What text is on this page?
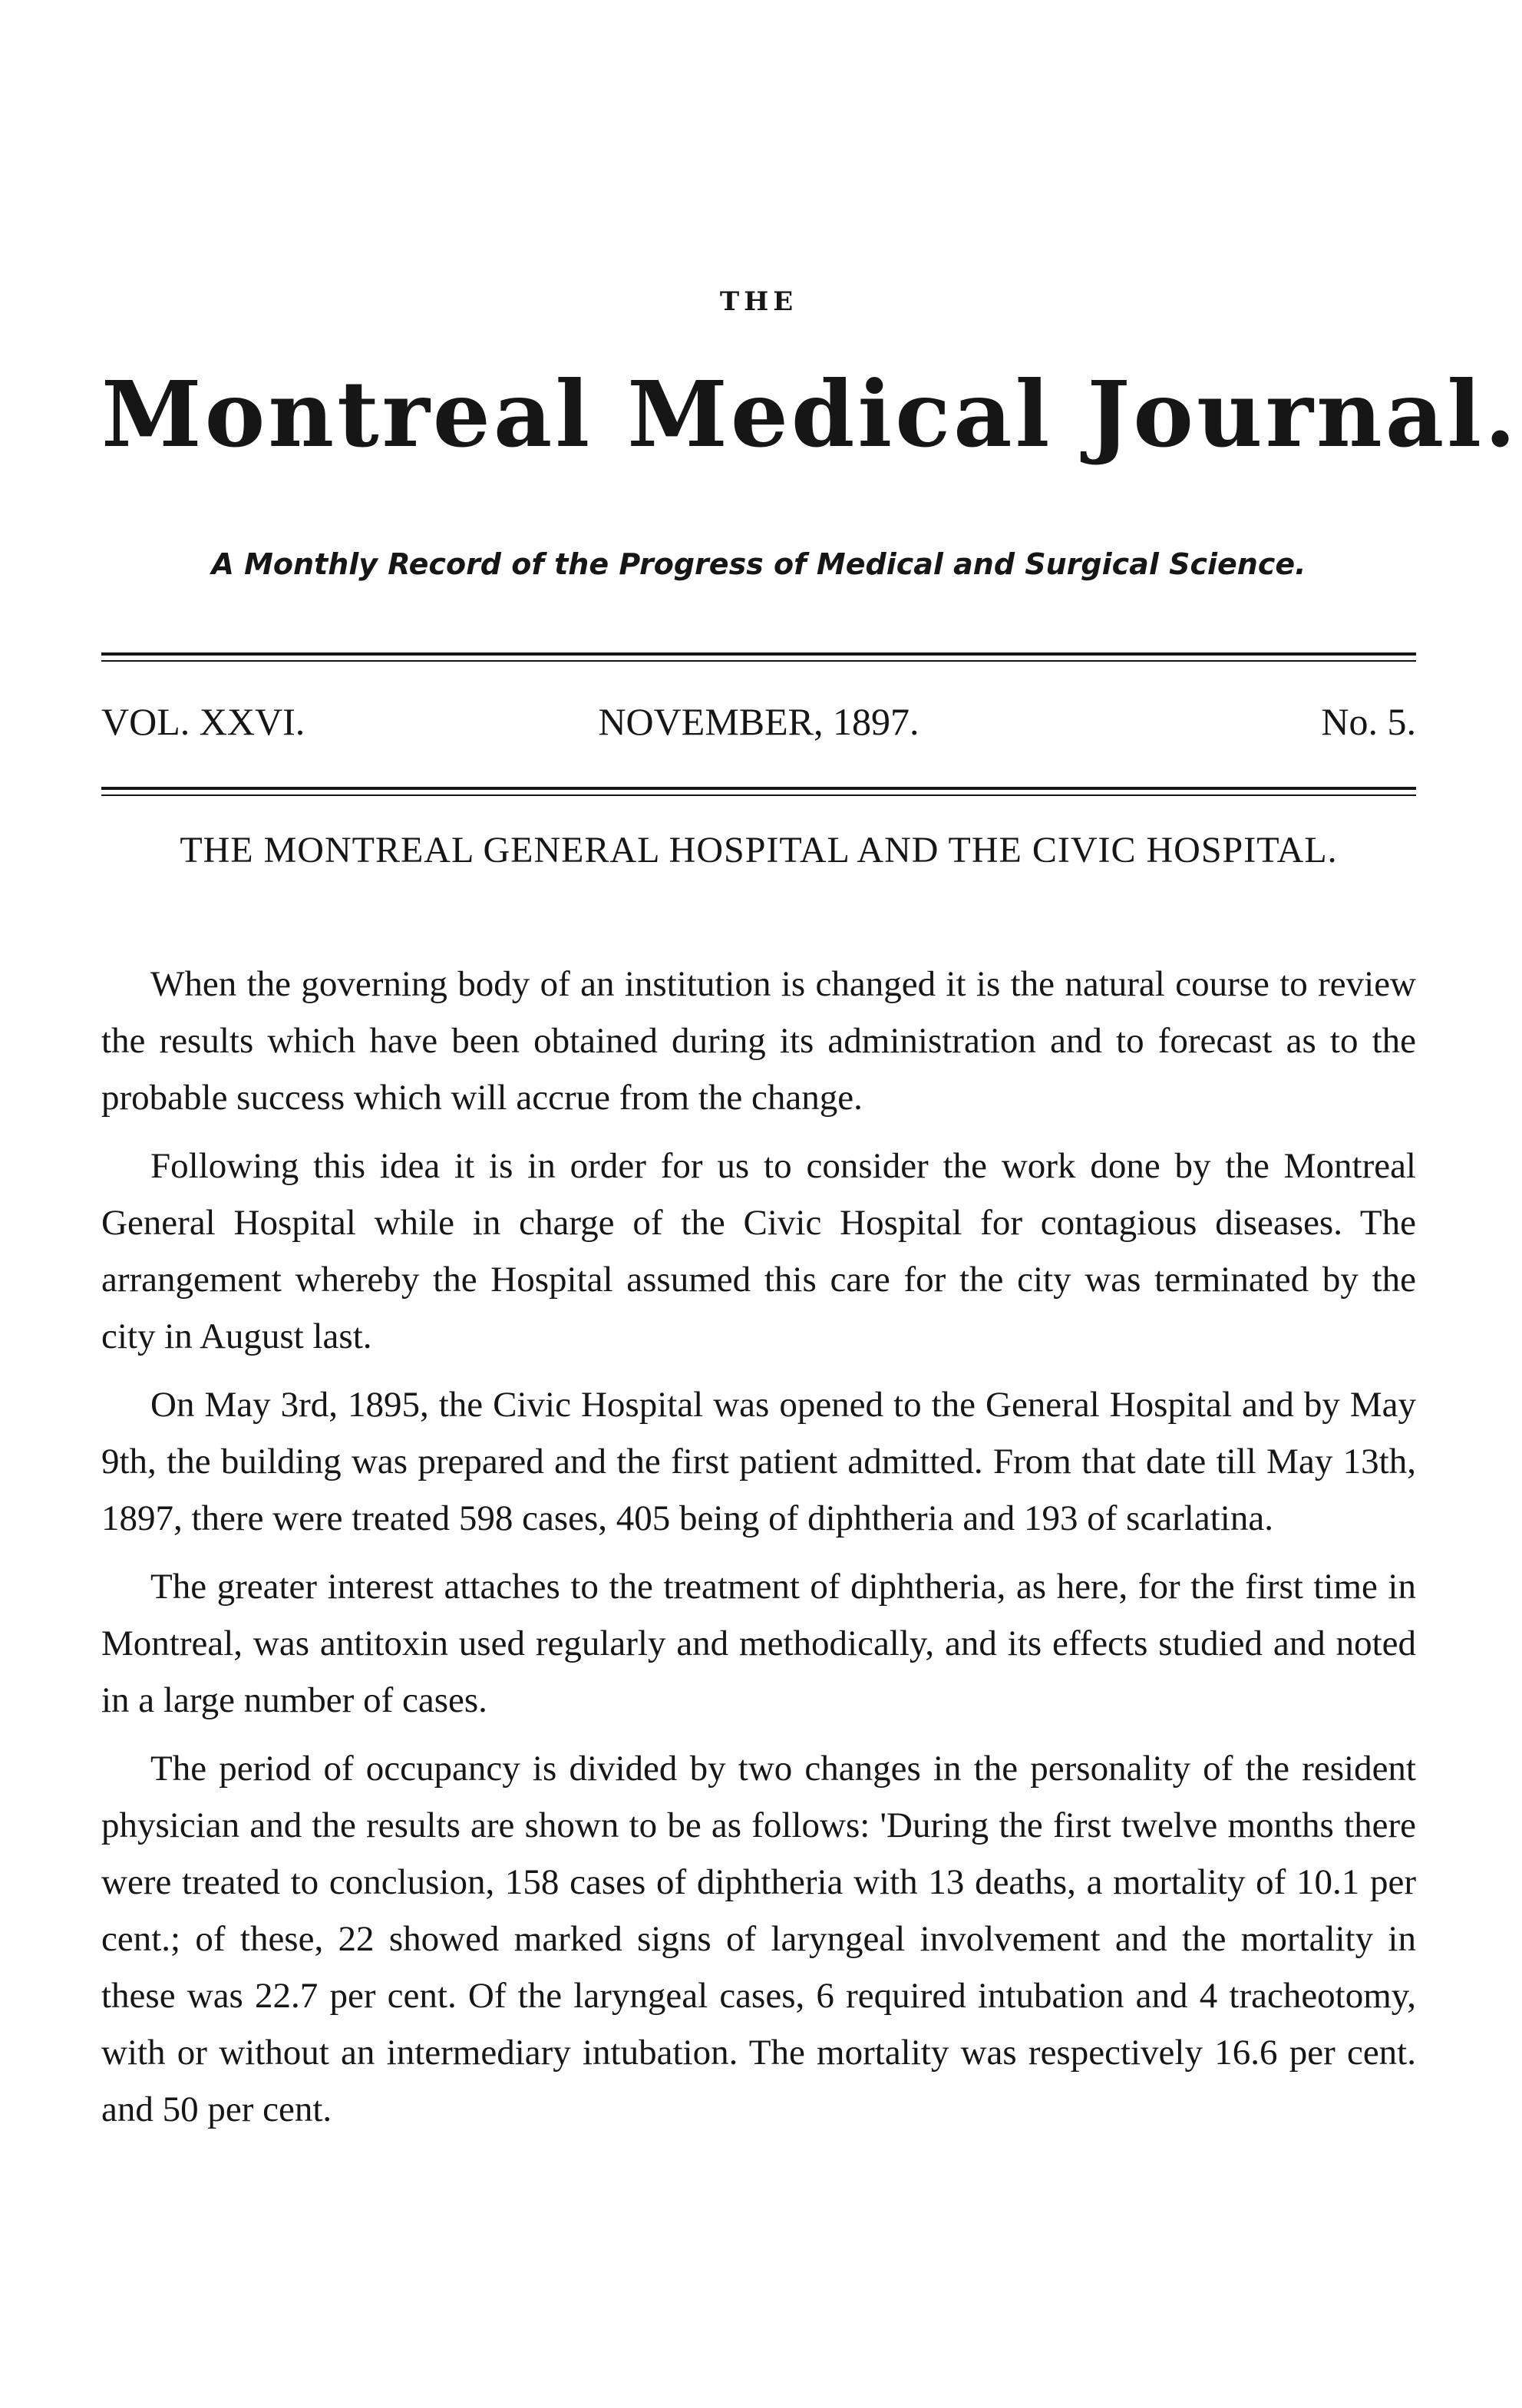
THE
Montreal Medical Journal.
A Monthly Record of the Progress of Medical and Surgical Science.
VOL. XXVI.	NOVEMBER, 1897.	No. 5.
THE MONTREAL GENERAL HOSPITAL AND THE CIVIC HOSPITAL.

When the governing body of an institution is changed it is the natural course to review the results which have been obtained during its administration and to forecast as to the probable success which will accrue from the change.

Following this idea it is in order for us to consider the work done by the Montreal General Hospital while in charge of the Civic Hospital for contagious diseases. The arrangement whereby the Hospital assumed this care for the city was terminated by the city in August last.

On May 3rd, 1895, the Civic Hospital was opened to the General Hospital and by May 9th, the building was prepared and the first patient admitted. From that date till May 13th, 1897, there were treated 598 cases, 405 being of diphtheria and 193 of scarlatina.

The greater interest attaches to the treatment of diphtheria, as here, for the first time in Montreal, was antitoxin used regularly and methodically, and its effects studied and noted in a large number of cases.

The period of occupancy is divided by two changes in the personality of the resident physician and the results are shown to be as follows: 'During the first twelve months there were treated to conclusion, 158 cases of diphtheria with 13 deaths, a mortality of 10.1 per cent.; of these, 22 showed marked signs of laryngeal involvement and the mortality in these was 22.7 per cent. Of the laryngeal cases, 6 required intubation and 4 tracheotomy, with or without an intermediary intubation. The mortality was respectively 16.6 per cent. and 50 per cent.
